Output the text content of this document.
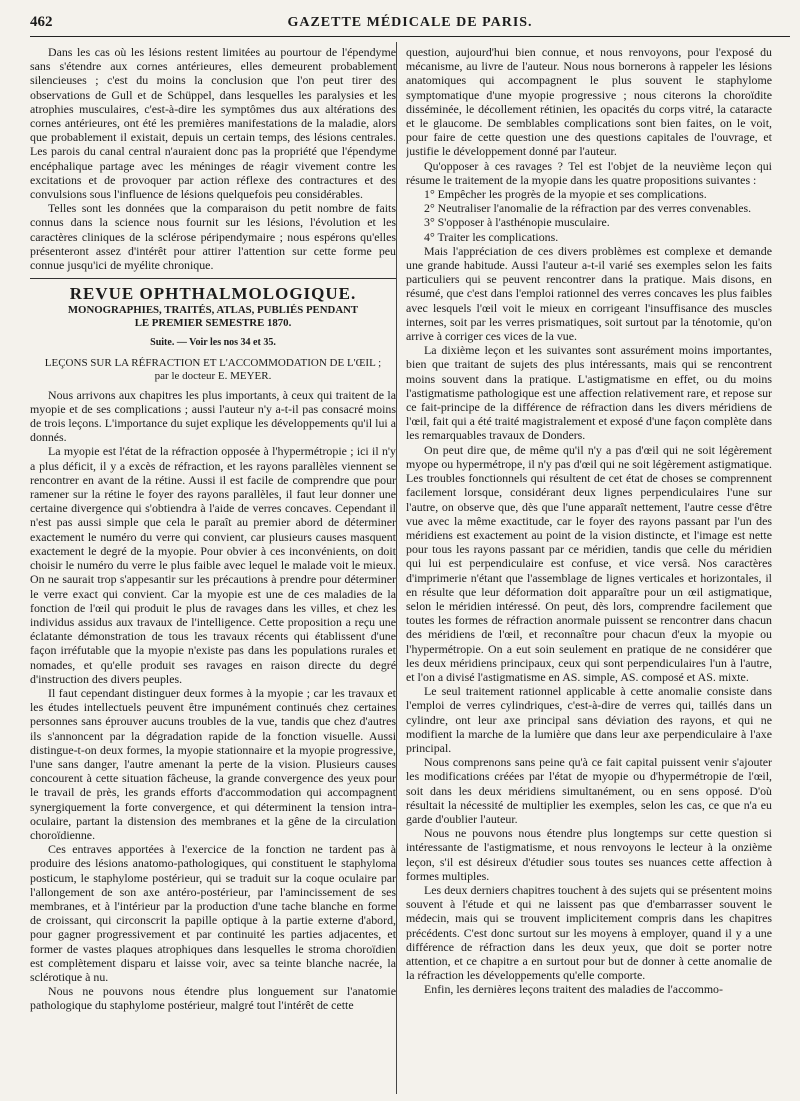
462	GAZETTE MÉDICALE DE PARIS.

Dans les cas où les lésions restent limitées au pourtour de l'épendyme sans s'étendre aux cornes antérieures, elles demeurent probablement silencieuses ; c'est du moins la conclusion que l'on peut tirer des observations de Gull et de Schüppel, dans lesquelles les paralysies et les atrophies musculaires, c'est-à-dire les symptômes dus aux altérations des cornes antérieures, ont été les premières manifestations de la maladie, alors que probablement il existait, depuis un certain temps, des lésions centrales. Les parois du canal central n'auraient donc pas la propriété que l'épendyme encéphalique partage avec les méninges de réagir vivement contre les excitations et de provoquer par action réflexe des contractures et des convulsions sous l'influence de lésions quelquefois peu considérables.

Telles sont les données que la comparaison du petit nombre de faits connus dans la science nous fournit sur les lésions, l'évolution et les caractères cliniques de la sclérose péripendymaire ; nous espérons qu'elles présenteront assez d'intérêt pour attirer l'attention sur cette forme peu connue jusqu'ici de myélite chronique.

REVUE OPHTHALMOLOGIQUE.

MONOGRAPHIES, TRAITÉS, ATLAS, PUBLIÉS PENDANT

LE PREMIER SEMESTRE 1870.

Suite. — Voir les nos 34 et 35.
LEÇONS SUR LA RÉFRACTION ET L'ACCOMMODATION DE L'ŒIL ;
par le docteur E. MEYER.

Nous arrivons aux chapitres les plus importants, à ceux qui traitent de la myopie et de ses complications ; aussi l'auteur n'y a-t-il pas consacré moins de trois leçons. L'importance du sujet explique les développements qu'il lui a donnés.

La myopie est l'état de la réfraction opposée à l'hypermétropie ; ici il n'y a plus déficit, il y a excès de réfraction, et les rayons parallèles viennent se rencontrer en avant de la rétine. Aussi il est facile de comprendre que pour ramener sur la rétine le foyer des rayons parallèles, il faut leur donner une certaine divergence qui s'obtiendra à l'aide de verres concaves. Cependant il n'est pas aussi simple que cela le paraît au premier abord de déterminer exactement le numéro du verre qui convient, car plusieurs causes masquent exactement le degré de la myopie. Pour obvier à ces inconvénients, on doit choisir le numéro du verre le plus faible avec lequel le malade voit le mieux. On ne saurait trop s'appesantir sur les précautions à prendre pour déterminer le verre exact qui convient. Car la myopie est une de ces maladies de la fonction de l'œil qui produit le plus de ravages dans les villes, et chez les individus assidus aux travaux de l'intelligence. Cette proposition a reçu une éclatante démonstration de tous les travaux récents qui établissent d'une façon irréfutable que la myopie n'existe pas dans les populations rurales et nomades, et qu'elle produit ses ravages en raison directe du degré d'instruction des divers peuples.

Il faut cependant distinguer deux formes à la myopie ; car les travaux et les études intellectuels peuvent être impunément continués chez certaines personnes sans éprouver aucuns troubles de la vue, tandis que chez d'autres ils s'annoncent par la dégradation rapide de la fonction visuelle. Aussi distingue-t-on deux formes, la myopie stationnaire et la myopie progressive, l'une sans danger, l'autre amenant la perte de la vision. Plusieurs causes concourent à cette situation fâcheuse, la grande convergence des yeux pour le travail de près, les grands efforts d'accommodation qui accompagnent synergiquement la forte convergence, et qui déterminent la tension intra-oculaire, partant la distension des membranes et la gêne de la circulation choroïdienne.

Ces entraves apportées à l'exercice de la fonction ne tardent pas à produire des lésions anatomo-pathologiques, qui constituent le staphyloma posticum, le staphylome postérieur, qui se traduit sur la coque oculaire par l'allongement de son axe antéro-postérieur, par l'amincissement de ses membranes, et à l'intérieur par la production d'une tache blanche en forme de croissant, qui circonscrit la papille optique à la partie externe d'abord, pour gagner progressivement et par continuité les parties adjacentes, et former de vastes plaques atrophiques dans lesquelles le stroma choroïdien est complètement disparu et laisse voir, avec sa teinte blanche nacrée, la sclérotique à nu.

Nous ne pouvons nous étendre plus longuement sur l'anatomie pathologique du staphylome postérieur, malgré tout l'intérêt de cette

question, aujourd'hui bien connue, et nous renvoyons, pour l'exposé du mécanisme, au livre de l'auteur. Nous nous bornerons à rappeler les lésions anatomiques qui accompagnent le plus souvent le staphylome symptomatique d'une myopie progressive ; nous citerons la choroïdite disséminée, le décollement rétinien, les opacités du corps vitré, la cataracte et le glaucome. De semblables complications sont bien faites, on le voit, pour faire de cette question une des questions capitales de l'ouvrage, et justifie le développement donné par l'auteur.

Qu'opposer à ces ravages ? Tel est l'objet de la neuvième leçon qui résume le traitement de la myopie dans les quatre propositions suivantes :

1° Empêcher les progrès de la myopie et ses complications.

2° Neutraliser l'anomalie de la réfraction par des verres convenables.

3° S'opposer à l'asthénopie musculaire.

4° Traiter les complications.

Mais l'appréciation de ces divers problèmes est complexe et demande une grande habitude. Aussi l'auteur a-t-il varié ses exemples selon les faits particuliers qui se peuvent rencontrer dans la pratique. Mais disons, en résumé, que c'est dans l'emploi rationnel des verres concaves les plus faibles avec lesquels l'œil voit le mieux en corrigeant l'insuffisance des muscles internes, soit par les verres prismatiques, soit surtout par la ténotomie, qu'on arrive à corriger ces vices de la vue.

La dixième leçon et les suivantes sont assurément moins importantes, bien que traitant de sujets des plus intéressants, mais qui se rencontrent moins souvent dans la pratique. L'astigmatisme en effet, ou du moins l'astigmatisme pathologique est une affection relativement rare, et repose sur ce fait-principe de la différence de réfraction dans les divers méridiens de l'œil, fait qui a été traité magistralement et exposé d'une façon complète dans les remarquables travaux de Donders.

On peut dire que, de même qu'il n'y a pas d'œil qui ne soit légèrement myope ou hypermétrope, il n'y pas d'œil qui ne soit légèrement astigmatique. Les troubles fonctionnels qui résultent de cet état de choses se comprennent facilement lorsque, considérant deux lignes perpendiculaires l'une sur l'autre, on observe que, dès que l'une apparaît nettement, l'autre cesse d'être vue avec la même exactitude, car le foyer des rayons passant par l'un des méridiens est exactement au point de la vision distincte, et l'image est nette pour tous les rayons passant par ce méridien, tandis que celle du méridien qui lui est perpendiculaire est confuse, et vice versâ. Nos caractères d'imprimerie n'étant que l'assemblage de lignes verticales et horizontales, il en résulte que leur déformation doit apparaître pour un œil astigmatique, selon le méridien intéressé. On peut, dès lors, comprendre facilement que toutes les formes de réfraction anormale puissent se rencontrer dans chacun des méridiens de l'œil, et reconnaître pour chacun d'eux la myopie ou l'hypermétropie. On a eut soin seulement en pratique de ne considérer que les deux méridiens principaux, ceux qui sont perpendiculaires l'un à l'autre, et l'on a divisé l'astigmatisme en AS. simple, AS. composé et AS. mixte.

Le seul traitement rationnel applicable à cette anomalie consiste dans l'emploi de verres cylindriques, c'est-à-dire de verres qui, taillés dans un cylindre, ont leur axe principal sans déviation des rayons, et qui ne modifient la marche de la lumière que dans leur axe perpendiculaire à l'axe principal.

Nous comprenons sans peine qu'à ce fait capital puissent venir s'ajouter les modifications créées par l'état de myopie ou d'hypermétropie de l'œil, soit dans les deux méridiens simultanément, ou en sens opposé. D'où résultait la nécessité de multiplier les exemples, selon les cas, ce que n'a eu garde d'oublier l'auteur.

Nous ne pouvons nous étendre plus longtemps sur cette question si intéressante de l'astigmatisme, et nous renvoyons le lecteur à la onzième leçon, s'il est désireux d'étudier sous toutes ses nuances cette affection à formes multiples.

Les deux derniers chapitres touchent à des sujets qui se présentent moins souvent à l'étude et qui ne laissent pas que d'embarrasser souvent le médecin, mais qui se trouvent implicitement compris dans les chapitres précédents. C'est donc surtout sur les moyens à employer, quand il y a une différence de réfraction dans les deux yeux, que doit se porter notre attention, et ce chapitre a en surtout pour but de donner à cette anomalie de la réfraction les développements qu'elle comporte.

Enfin, les dernières leçons traitent des maladies de l'accommo-
